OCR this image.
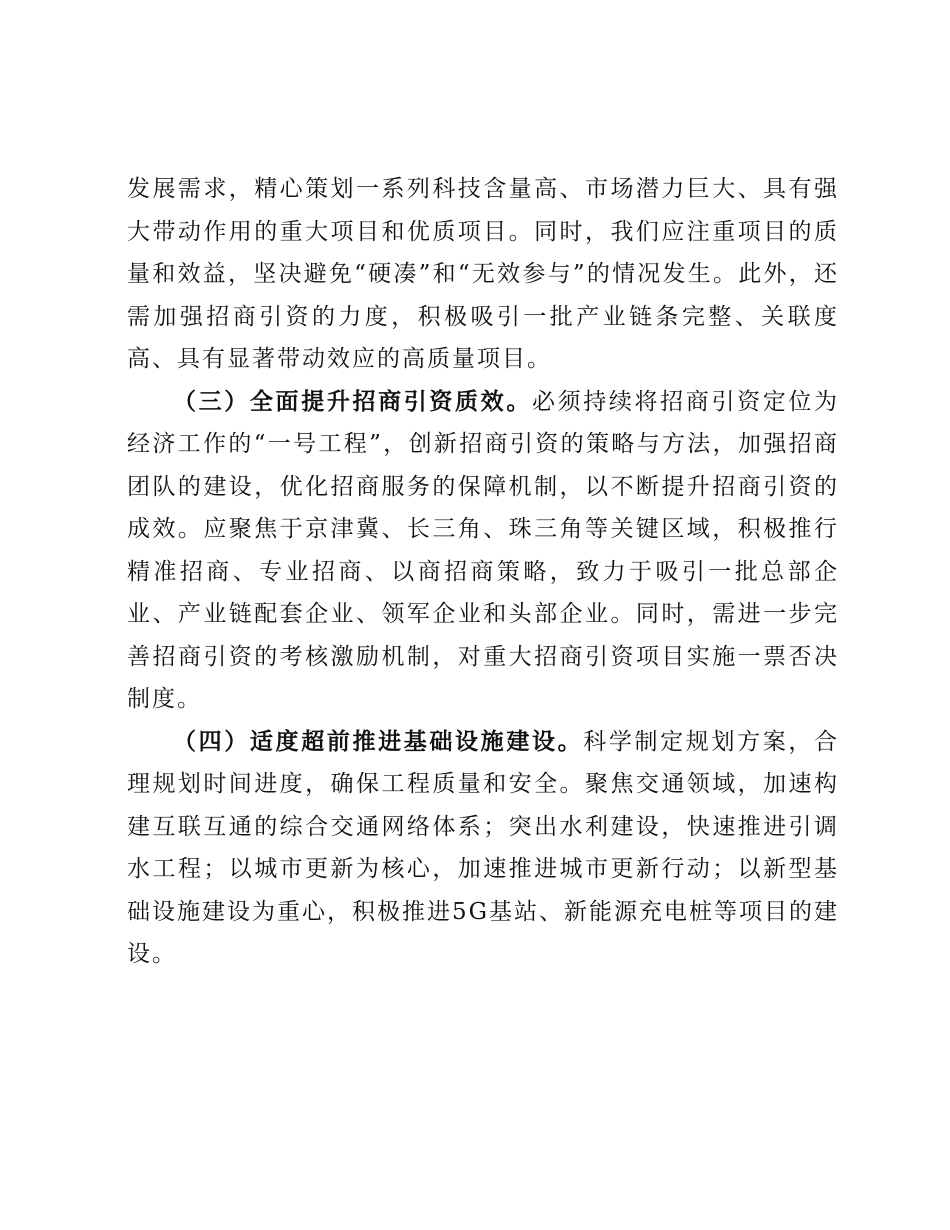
发展需求，精心策划一系列科技含量高、市场潜力巨大、具有强大带动作用的重大项目和优质项目。同时，我们应注重项目的质量和效益，坚决避免“硬凑”和“无效参与”的情况发生。此外，还需加强招商引资的力度，积极吸引一批产业链条完整、关联度高、具有显著带动效应的高质量项目。

（三）全面提升招商引资质效。必须持续将招商引资定位为经济工作的“一号工程”，创新招商引资的策略与方法，加强招商团队的建设，优化招商服务的保障机制，以不断提升招商引资的成效。应聚焦于京津冀、长三角、珠三角等关键区域，积极推行精准招商、专业招商、以商招商策略，致力于吸引一批总部企业、产业链配套企业、领军企业和头部企业。同时，需进一步完善招商引资的考核激励机制，对重大招商引资项目实施一票否决制度。

（四）适度超前推进基础设施建设。科学制定规划方案，合理规划时间进度，确保工程质量和安全。聚焦交通领域，加速构建互联互通的综合交通网络体系；突出水利建设，快速推进引调水工程；以城市更新为核心，加速推进城市更新行动；以新型基础设施建设为重心，积极推进5G基站、新能源充电桩等项目的建设。
